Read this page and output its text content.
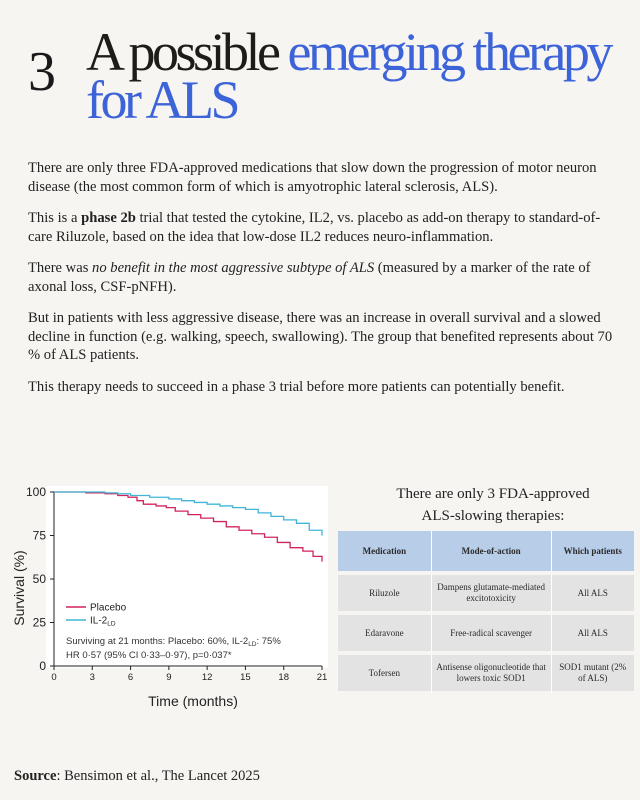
3 A possible emerging therapy
for ALS

There are only three FDA-approved medications that slow down the progression of motor neuron disease (the most common form of which is amyotrophic lateral sclerosis, ALS).

This is a phase 2b trial that tested the cytokine, IL2, vs. placebo as add-on therapy to standard-of-care Riluzole, based on the idea that low-dose IL2 reduces neuro-inflammation.

There was no benefit in the most aggressive subtype of ALS (measured by a marker of the rate of axonal loss, CSF-pNFH).

But in patients with less aggressive disease, there was an increase in overall survival and a slowed decline in function (e.g. walking, speech, swallowing). The group that benefited represents about 70 % of ALS patients.

This therapy needs to succeed in a phase 3 trial before more patients can potentially benefit.

0	3	6	9	12	15	18	21
0
25
50
75
100
Placebo
$IL-2_{LD}$
Survival (%)
Time (months)
Surviving at 21 months: Placebo: 60%, $IL-2_{LD}$: 75%
HR 0·57 (95% CI 0·33–0·97), p=0·037*
There are only 3 FDA-approved
ALS-slowing therapies:
Medication	Mode-of-action	Which patients
Riluzole	Dampens glutamate-mediated excitotoxicity	All ALS
Edaravone	Free-radical scavenger	All ALS
Tofersen	Antisense oligonucleotide that lowers toxic SOD1	SOD1 mutant (2% of ALS)
Source: Bensimon et al., The Lancet 2025
